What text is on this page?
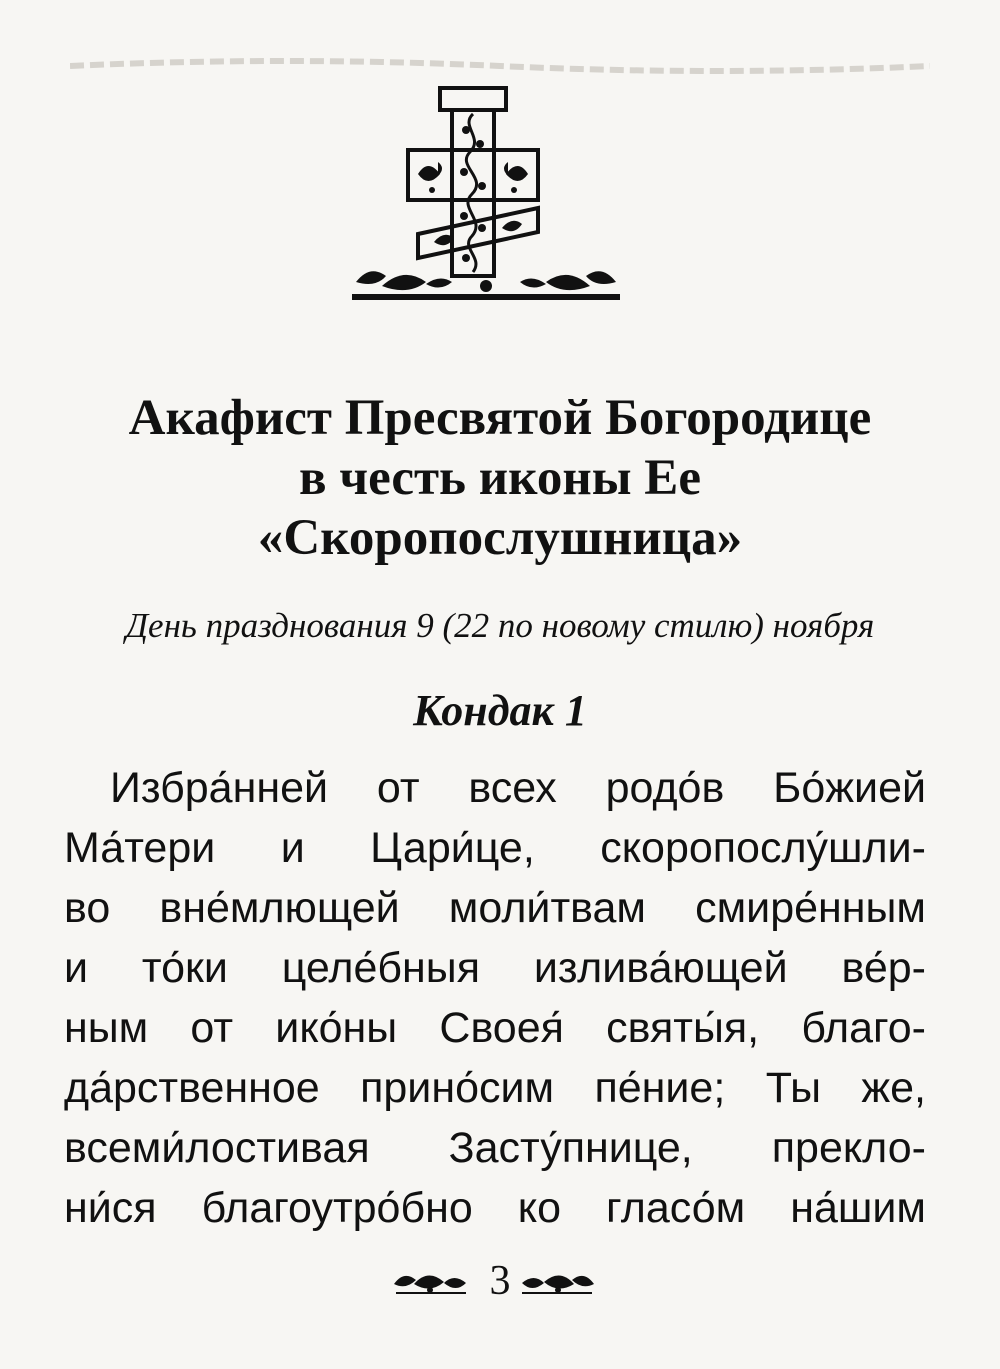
Акафист Пресвятой Богородице
в честь иконы Ее
«Скоропослушница»

День празднования 9 (22 по новому стилю) ноября

Кондак 1

Избра́нней от всех родо́в Бо́жией
Ма́тери и Цари́це, скоропослу́шли-
во вне́млющей моли́твам смире́нным
и то́ки целе́бныя излива́ющей ве́р-
ным от ико́ны Своея́ святы́я, благо-
да́рственное прино́сим пе́ние; Ты же,
всеми́лостивая Засту́пнице, прекло-
ни́ся благоутро́бно ко гласо́м на́шим

3
